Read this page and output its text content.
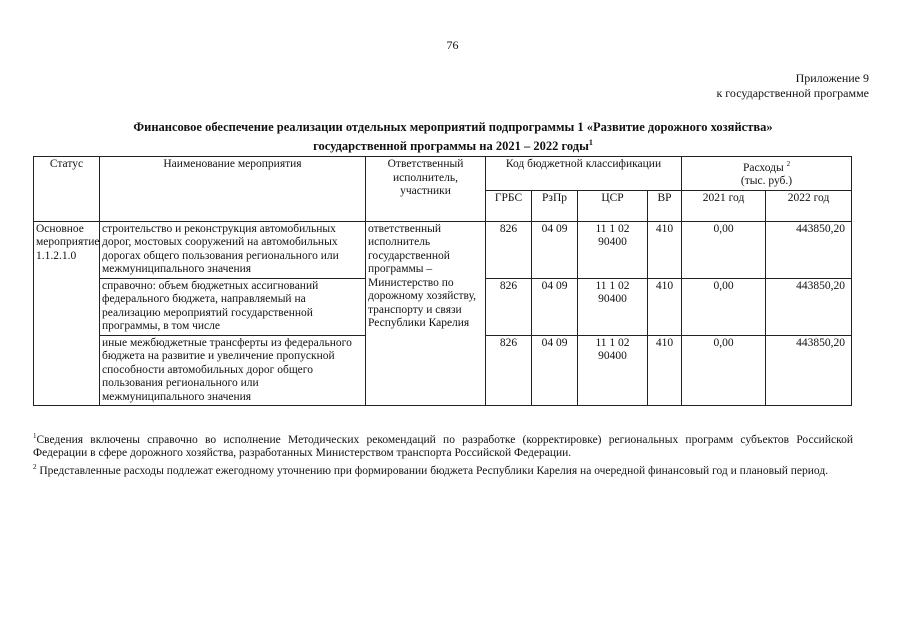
76
Приложение 9
к государственной программе
Финансовое обеспечение реализации отдельных мероприятий подпрограммы 1 «Развитие дорожного хозяйства»
государственной программы на 2021 – 2022 годы$^1$
Статус	Наименование мероприятия	Ответственный исполнитель, участники	Код бюджетной классификации				Расходы $^2$
(тыс. руб.)	
			ГРБС	РзПр	ЦСР	ВР	2021 год	2022 год
Основное мероприятие 1.1.2.1.0	строительство и реконструкция автомобильных дорог, мостовых сооружений на автомобильных дорогах общего пользования регионального или межмуниципального значения	ответственный исполнитель государственной программы – Министерство по дорожному хозяйству, транспорту и связи Республики Карелия	826	04 09	11 1 02 90400	410	0,00	443850,20
	справочно: объем бюджетных ассигнований федерального бюджета, направляемый на реализацию мероприятий государственной программы, в том числе		826	04 09	11 1 02 90400	410	0,00	443850,20
	иные межбюджетные трансферты из федерального бюджета на развитие и увеличение пропускной способности автомобильных дорог общего пользования регионального или межмуниципального значения		826	04 09	11 1 02 90400	410	0,00	443850,20
$^1$Сведения включены справочно во исполнение Методических рекомендаций по разработке (корректировке) региональных программ субъектов Российской Федерации в сфере дорожного хозяйства, разработанных Министерством транспорта Российской Федерации.
$^2$ Представленные расходы подлежат ежегодному уточнению при формировании бюджета Республики Карелия на очередной финансовый год и плановый период.
